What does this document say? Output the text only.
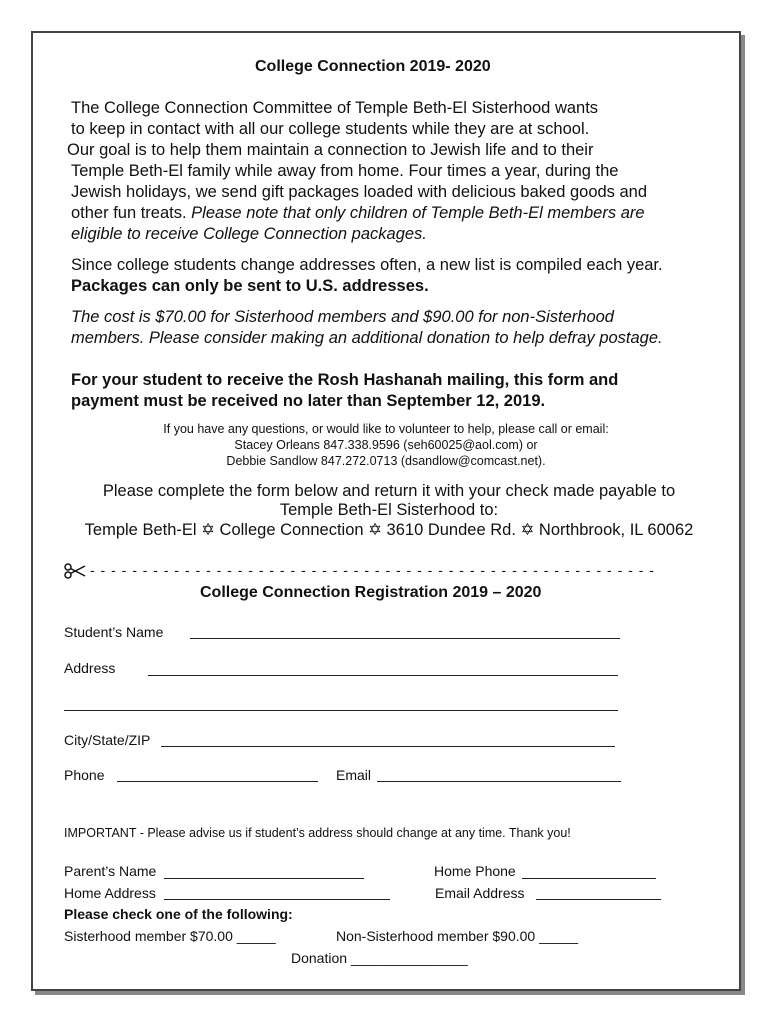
College Connection 2019- 2020
The College Connection Committee of Temple Beth-El Sisterhood wants
to keep in contact with all our college students while they are at school.
Our goal is to help them maintain a connection to Jewish life and to their
Temple Beth-El family while away from home. Four times a year, during the
Jewish holidays, we send gift packages loaded with delicious baked goods and
other fun treats. Please note that only children of Temple Beth-El members are
eligible to receive College Connection packages.
Since college students change addresses often, a new list is compiled each year.
Packages can only be sent to U.S. addresses.
The cost is $70.00 for Sisterhood members and $90.00 for non-Sisterhood
members. Please consider making an additional donation to help defray postage.
For your student to receive the Rosh Hashanah mailing, this form and
payment must be received no later than September 12, 2019.
If you have any questions, or would like to volunteer to help, please call or email:
Stacey Orleans 847.338.9596 (seh60025@aol.com) or
Debbie Sandlow 847.272.0713 (dsandlow@comcast.net).
Please complete the form below and return it with your check made payable to
Temple Beth-El Sisterhood to:
Temple Beth-El ✡ College Connection ✡ 3610 Dundee Rd. ✡ Northbrook, IL 60062
- - - - - - - - - - - - - - - - - - - - - - - - - - - - - - - - - - - - - - - - - - - - - - - - - - - - - -
College Connection Registration 2019 – 2020
Student’s Name
Address
City/State/ZIP
Phone	Email
IMPORTANT - Please advise us if student’s address should change at any time. Thank you!
Parent’s Name	Home Phone
Home Address	Email Address
Please check one of the following:
Sisterhood member $70.00 _____	Non-Sisterhood member $90.00 _____
Donation _______________
